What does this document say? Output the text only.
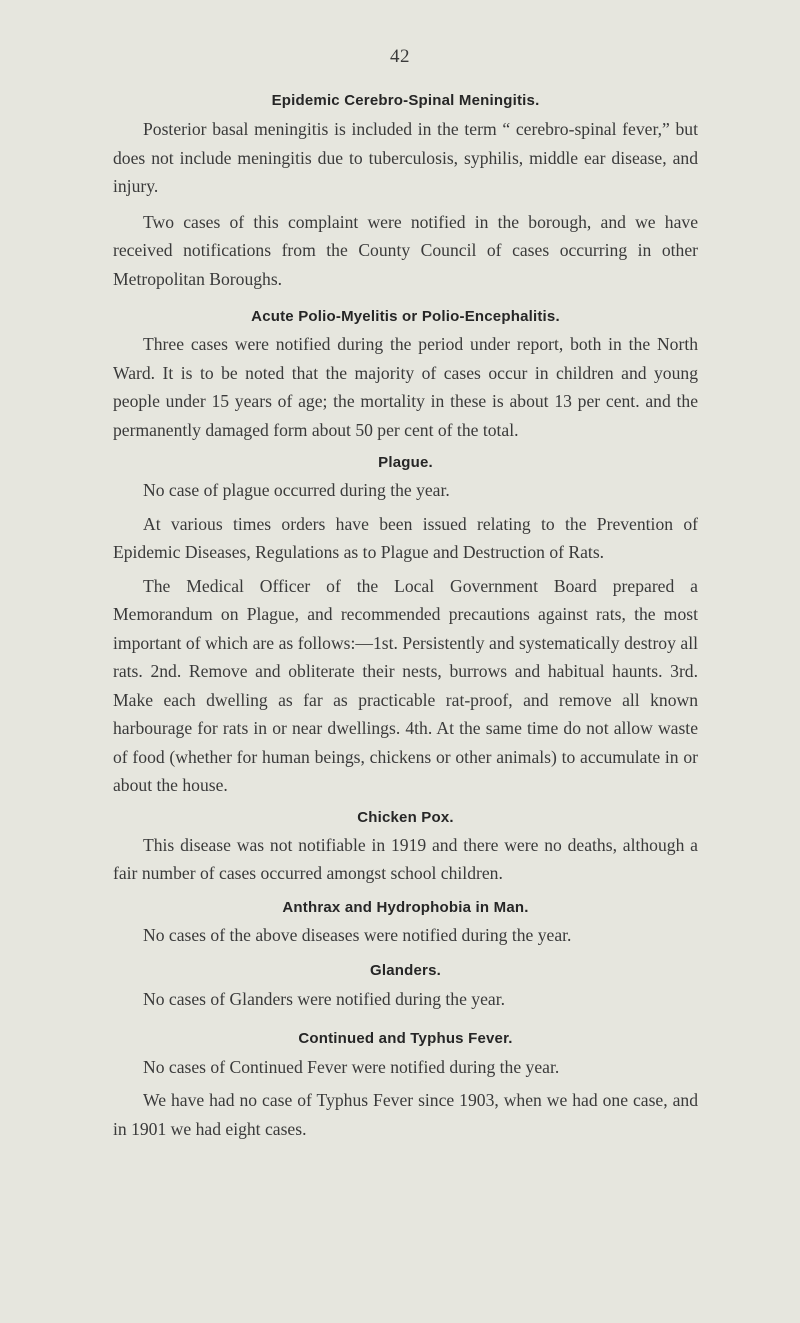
42
Epidemic Cerebro-Spinal Meningitis.

Posterior basal meningitis is included in the term “ cerebro-spinal fever,” but does not include meningitis due to tuberculosis, syphilis, middle ear disease, and injury.

Two cases of this complaint were notified in the borough, and we have received notifications from the County Council of cases occurring in other Metropolitan Boroughs.

Acute Polio-Myelitis or Polio-Encephalitis.

Three cases were notified during the period under report, both in the North Ward. It is to be noted that the majority of cases occur in children and young people under 15 years of age; the mortality in these is about 13 per cent. and the permanently damaged form about 50 per cent of the total.

Plague.

No case of plague occurred during the year.

At various times orders have been issued relating to the Prevention of Epidemic Diseases, Regulations as to Plague and Destruction of Rats.

The Medical Officer of the Local Government Board prepared a Memorandum on Plague, and recommended precautions against rats, the most important of which are as follows:—1st. Persistently and systematically destroy all rats. 2nd. Remove and obliterate their nests, burrows and habitual haunts. 3rd. Make each dwelling as far as practicable rat-proof, and remove all known harbourage for rats in or near dwellings. 4th. At the same time do not allow waste of food (whether for human beings, chickens or other animals) to accumulate in or about the house.

Chicken Pox.

This disease was not notifiable in 1919 and there were no deaths, although a fair number of cases occurred amongst school children.

Anthrax and Hydrophobia in Man.

No cases of the above diseases were notified during the year.

Glanders.

No cases of Glanders were notified during the year.

Continued and Typhus Fever.

No cases of Continued Fever were notified during the year.

We have had no case of Typhus Fever since 1903, when we had one case, and in 1901 we had eight cases.
